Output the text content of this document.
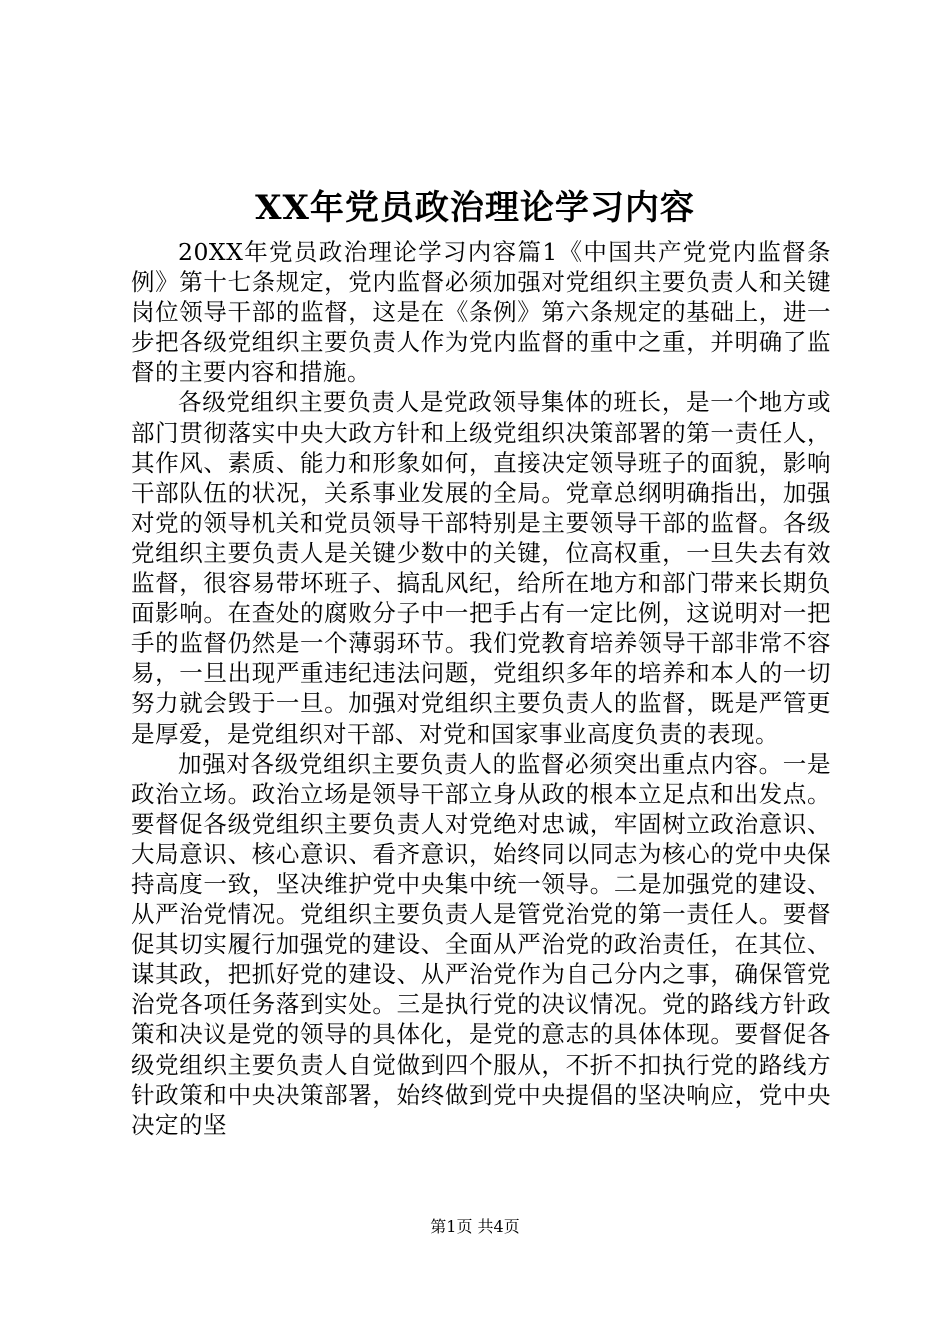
XX年党员政治理论学习内容

20XX年党员政治理论学习内容篇1《中国共产党党内监督条例》第十七条规定，党内监督必须加强对党组织主要负责人和关键岗位领导干部的监督，这是在《条例》第六条规定的基础上，进一步把各级党组织主要负责人作为党内监督的重中之重，并明确了监督的主要内容和措施。

各级党组织主要负责人是党政领导集体的班长，是一个地方或部门贯彻落实中央大政方针和上级党组织决策部署的第一责任人，其作风、素质、能力和形象如何，直接决定领导班子的面貌，影响干部队伍的状况，关系事业发展的全局。党章总纲明确指出，加强对党的领导机关和党员领导干部特别是主要领导干部的监督。各级党组织主要负责人是关键少数中的关键，位高权重，一旦失去有效监督，很容易带坏班子、搞乱风纪，给所在地方和部门带来长期负面影响。在查处的腐败分子中一把手占有一定比例，这说明对一把手的监督仍然是一个薄弱环节。我们党教育培养领导干部非常不容易，一旦出现严重违纪违法问题，党组织多年的培养和本人的一切努力就会毁于一旦。加强对党组织主要负责人的监督，既是严管更是厚爱，是党组织对干部、对党和国家事业高度负责的表现。

加强对各级党组织主要负责人的监督必须突出重点内容。一是政治立场。政治立场是领导干部立身从政的根本立足点和出发点。要督促各级党组织主要负责人对党绝对忠诚，牢固树立政治意识、大局意识、核心意识、看齐意识，始终同以同志为核心的党中央保持高度一致，坚决维护党中央集中统一领导。二是加强党的建设、从严治党情况。党组织主要负责人是管党治党的第一责任人。要督促其切实履行加强党的建设、全面从严治党的政治责任，在其位、谋其政，把抓好党的建设、从严治党作为自己分内之事，确保管党治党各项任务落到实处。三是执行党的决议情况。党的路线方针政策和决议是党的领导的具体化，是党的意志的具体体现。要督促各级党组织主要负责人自觉做到四个服从，不折不扣执行党的路线方针政策和中央决策部署，始终做到党中央提倡的坚决响应，党中央决定的坚

第1页 共4页
